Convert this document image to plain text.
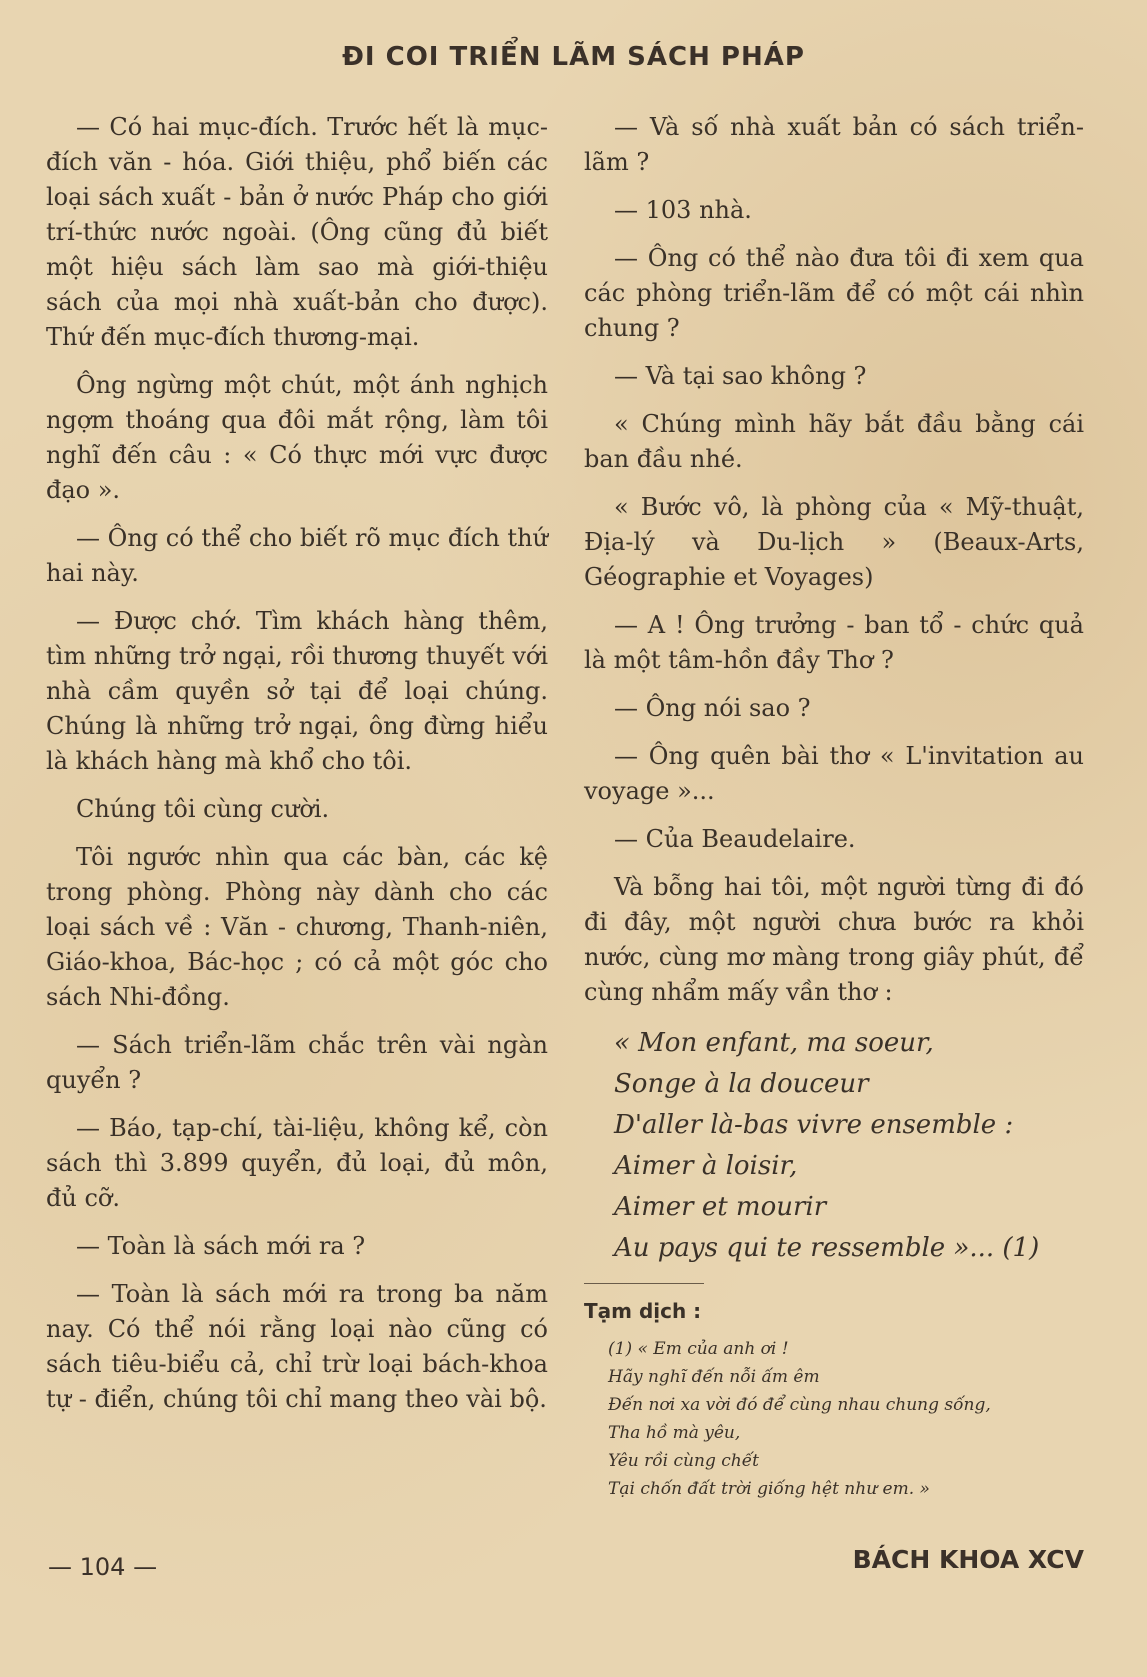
ĐI COI TRIỂN LÃM SÁCH PHÁP

— Có hai mục-đích. Trước hết là mục-đích văn - hóa. Giới thiệu, phổ biến các loại sách xuất - bản ở nước Pháp cho giới trí-thức nước ngoài. (Ông cũng đủ biết một hiệu sách làm sao mà giới-thiệu sách của mọi nhà xuất-bản cho được). Thứ đến mục-đích thương-mại.

Ông ngừng một chút, một ánh nghịch ngợm thoáng qua đôi mắt rộng, làm tôi nghĩ đến câu : « Có thực mới vực được đạo ».

— Ông có thể cho biết rõ mục đích thứ hai này.

— Được chớ. Tìm khách hàng thêm, tìm những trở ngại, rồi thương thuyết với nhà cầm quyền sở tại để loại chúng. Chúng là những trở ngại, ông đừng hiểu là khách hàng mà khổ cho tôi.

Chúng tôi cùng cười.

Tôi ngước nhìn qua các bàn, các kệ trong phòng. Phòng này dành cho các loại sách về : Văn - chương, Thanh-niên, Giáo-khoa, Bác-học ; có cả một góc cho sách Nhi-đồng.

— Sách triển-lãm chắc trên vài ngàn quyển ?

— Báo, tạp-chí, tài-liệu, không kể, còn sách thì 3.899 quyển, đủ loại, đủ môn, đủ cỡ.

— Toàn là sách mới ra ?

— Toàn là sách mới ra trong ba năm nay. Có thể nói rằng loại nào cũng có sách tiêu-biểu cả, chỉ trừ loại bách-khoa tự - điển, chúng tôi chỉ mang theo vài bộ.

— Và số nhà xuất bản có sách triển-lãm ?

— 103 nhà.

— Ông có thể nào đưa tôi đi xem qua các phòng triển-lãm để có một cái nhìn chung ?

— Và tại sao không ?

« Chúng mình hãy bắt đầu bằng cái ban đầu nhé.

« Bước vô, là phòng của « Mỹ-thuật, Địa-lý và Du-lịch » (Beaux-Arts, Géographie et Voyages)

— A ! Ông trưởng - ban tổ - chức quả là một tâm-hồn đầy Thơ ?

— Ông nói sao ?

— Ông quên bài thơ « L'invitation au voyage »...

— Của Beaudelaire.

Và bỗng hai tôi, một người từng đi đó đi đây, một người chưa bước ra khỏi nước, cùng mơ màng trong giây phút, để cùng nhẩm mấy vần thơ :

« Mon enfant, ma soeur,
Songe à la douceur
D'aller là-bas vivre ensemble :
Aimer à loisir,
Aimer et mourir
Au pays qui te ressemble »... (1)
Tạm dịch :
(1) « Em của anh ơi !
Hãy nghĩ đến nỗi ấm êm
Đến nơi xa vời đó để cùng nhau chung sống,
Tha hồ mà yêu,
Yêu rồi cùng chết
Tại chốn đất trời giống hệt như em. »
— 104 —	BÁCH KHOA XCV
